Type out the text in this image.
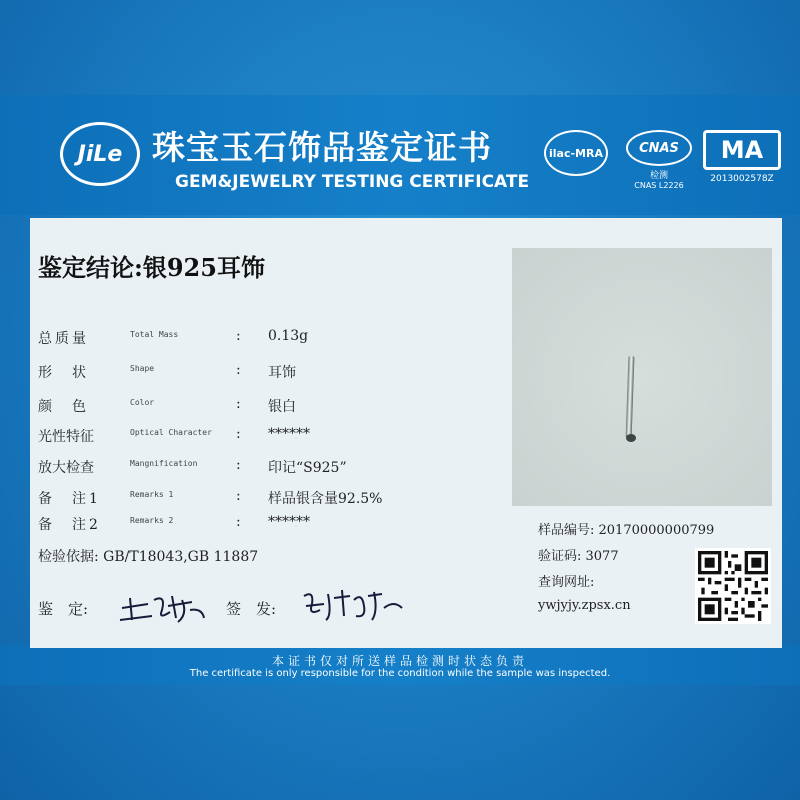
JiLe 珠宝玉石饰品鉴定证书
GEM&JEWELRY TESTING CERTIFICATE
ilac-MRA	CNAS
检测
CNAS L2226
MA
2013002578Z
鉴定结论:银925耳饰
总质量	Total Mass	: 0.13g
形　状	Shape	: 耳饰
颜　色	Color	: 银白
光性特征	Optical Character : ******
放大检查	Mangnification	: 印记“S925”
备　注1	Remarks 1	: 样品银含量92.5%
备　注2	Remarks 2	: ******
检验依据: GB/T18043,GB 11887
鉴　定:	签　发:
样品编号: 20170000000799
验证码: 3077
查询网址:
ywjyjy.zpsx.cn
本证书仅对所送样品检测时状态负责
The certificate is only responsible for the condition while the sample was inspected.
